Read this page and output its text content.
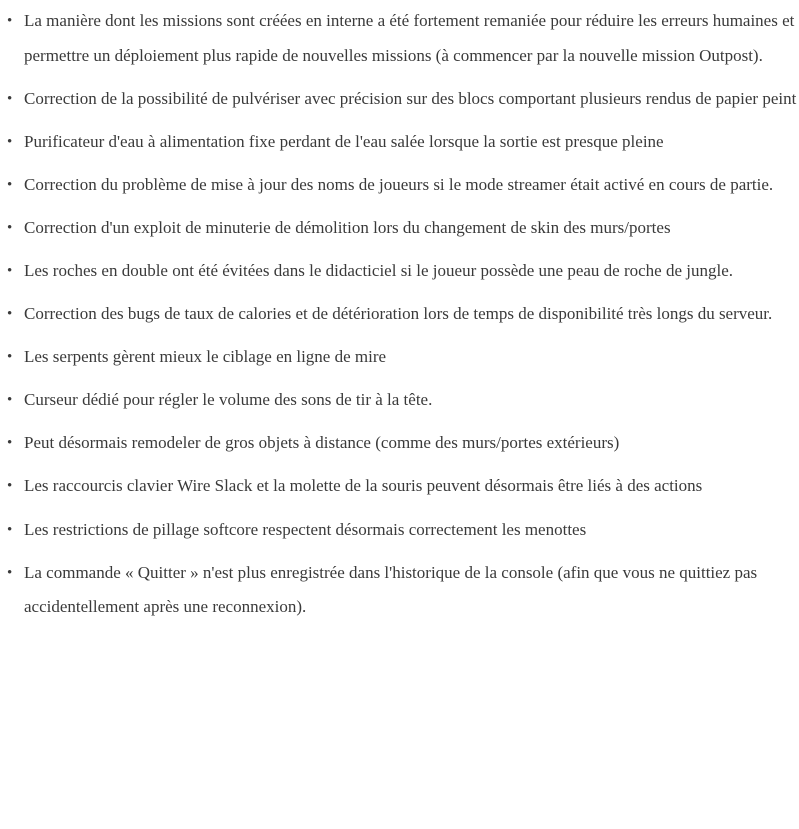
• La manière dont les missions sont créées en interne a été fortement remaniée pour réduire les erreurs humaines et permettre un déploiement plus rapide de nouvelles missions (à commencer par la nouvelle mission Outpost).
• Correction de la possibilité de pulvériser avec précision sur des blocs comportant plusieurs rendus de papier peint
• Purificateur d'eau à alimentation fixe perdant de l'eau salée lorsque la sortie est presque pleine
• Correction du problème de mise à jour des noms de joueurs si le mode streamer était activé en cours de partie.
• Correction d'un exploit de minuterie de démolition lors du changement de skin des murs/portes
• Les roches en double ont été évitées dans le didacticiel si le joueur possède une peau de roche de jungle.
• Correction des bugs de taux de calories et de détérioration lors de temps de disponibilité très longs du serveur.
• Les serpents gèrent mieux le ciblage en ligne de mire
• Curseur dédié pour régler le volume des sons de tir à la tête.
• Peut désormais remodeler de gros objets à distance (comme des murs/portes extérieurs)
• Les raccourcis clavier Wire Slack et la molette de la souris peuvent désormais être liés à des actions
• Les restrictions de pillage softcore respectent désormais correctement les menottes
• La commande « Quitter » n'est plus enregistrée dans l'historique de la console (afin que vous ne quittiez pas accidentellement après une reconnexion).
